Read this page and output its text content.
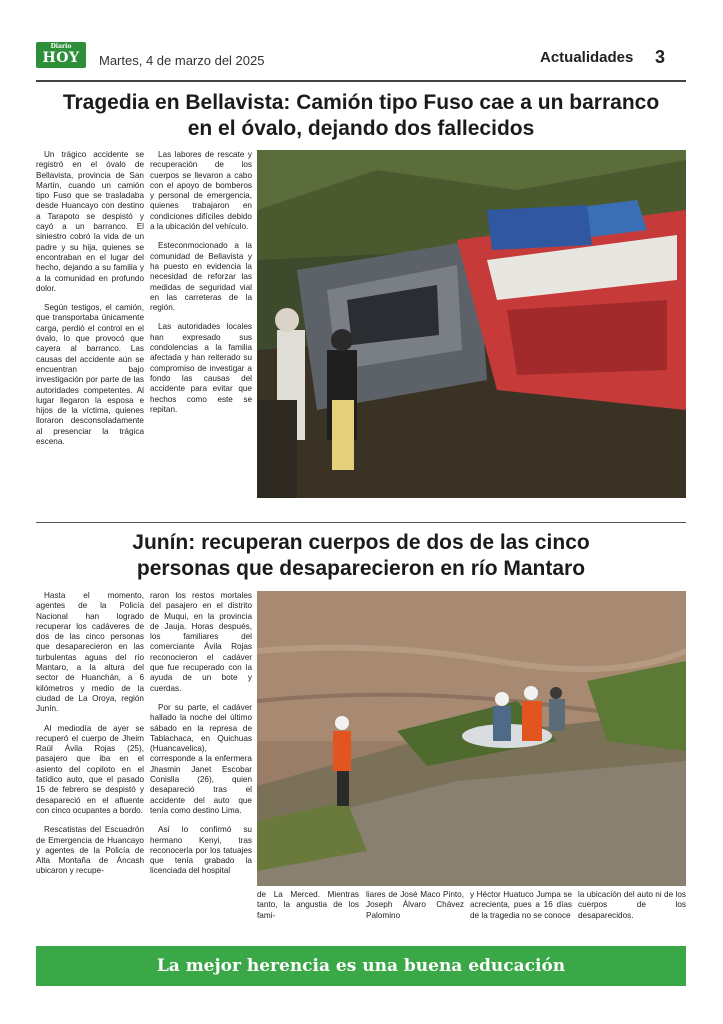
Diario
HOY	Martes, 4 de marzo del 2025	Actualidades 3
Tragedia en Bellavista: Camión tipo Fuso cae a un barranco
en el óvalo, dejando dos fallecidos

Un trágico accidente se registró en el óvalo de Bellavista, provincia de San Martín, cuando un camión tipo Fuso que se trasladaba desde Huancayo con destino a Tarapoto se despistó y cayó a un barranco. El siniestro cobró la vida de un padre y su hija, quienes se encontraban en el lugar del hecho, dejando a su familia y a la comunidad en profundo dolor.

Según testigos, el camión, que transportaba únicamente carga, perdió el control en el óvalo, lo que provocó que cayera al barranco. Las causas del accidente aún se encuentran bajo investigación por parte de las autoridades competentes. Al lugar llegaron la esposa e hijos de la víctima, quienes lloraron desconsoladamente al presenciar la trágica escena.

Las labores de rescate y recuperación de los cuerpos se llevaron a cabo con el apoyo de bomberos y personal de emergencia, quienes trabajaron en condiciones difíciles debido a la ubicación del vehículo.

Esteconmocionado a la comunidad de Bellavista y ha puesto en evidencia la necesidad de reforzar las medidas de seguridad vial en las carreteras de la región.

Las autoridades locales han expresado sus condolencias a la familia afectada y han reiterado su compromiso de investigar a fondo las causas del accidente para evitar que hechos como este se repitan.

Junín: recuperan cuerpos de dos de las cinco
personas que desaparecieron en río Mantaro

Hasta el momento, agentes de la Policía Nacional han logrado recuperar los cadáveres de dos de las cinco personas que desaparecieron en las turbulentas aguas del río Mantaro, a la altura del sector de Huanchán, a 6 kilómetros y medio de la ciudad de La Oroya, región Junín.

Al mediodía de ayer se recuperó el cuerpo de Jheim Raúl Ávila Rojas (25), pasajero que iba en el asiento del copiloto en el fatídico auto, que el pasado 15 de febrero se despistó y desapareció en el afluente con cinco ocupantes a bordo.

Rescatistas del Escuadrón de Emergencia de Huancayo y agentes de la Policía de Alta Montaña de Áncash ubicaron y recupe-

raron los restos mortales del pasajero en el distrito de Muqui, en la provincia de Jauja. Horas después, los familiares del comerciante Ávila Rojas reconocieron el cadáver que fue recuperado con la ayuda de un bote y cuerdas.

Por su parte, el cadáver hallado la noche del último sábado en la represa de Tablachaca, en Quichuas (Huancavelica), corresponde a la enfermera Jhasmin Janet Escobar Conislla (26), quien desapareció tras el accidente del auto que tenía como destino Lima.

Así lo confirmó su hermano Kenyi, tras reconocerla por los tatuajes que tenía grabado la licenciada del hospital

de La Merced. Mientras tanto, la angustia de los fami-

liares de José Maco Pinto, Joseph Álvaro Chávez Palomino

y Héctor Huatuco Jumpa se acrecienta, pues a 16 días de la tragedia no se conoce

la ubicación del auto ni de los cuerpos de los desaparecidos.

La mejor herencia es una buena educación
